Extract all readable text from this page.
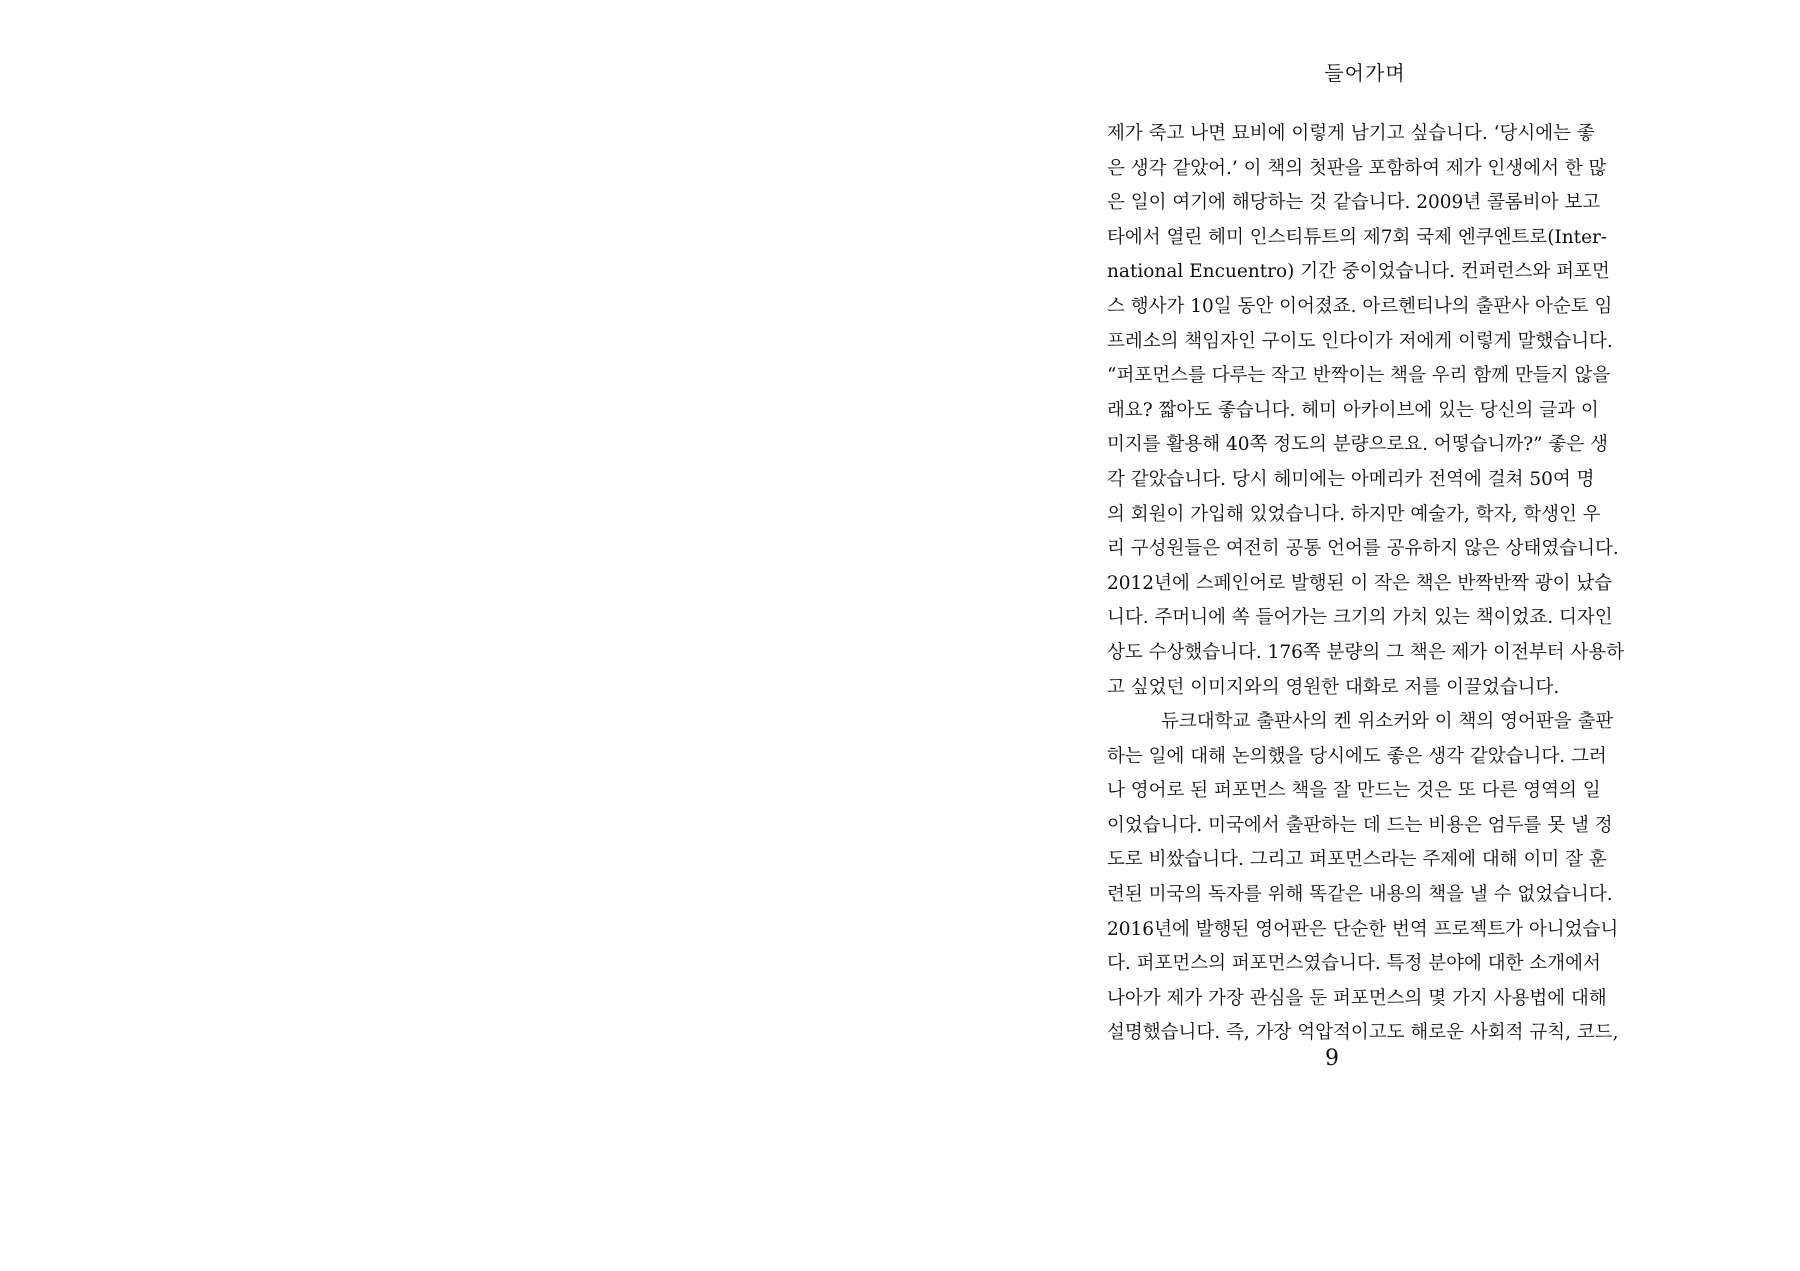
들어가며
제가 죽고 나면 묘비에 이렇게 남기고 싶습니다. ‘당시에는 좋
은 생각 같았어.’ 이 책의 첫판을 포함하여 제가 인생에서 한 많
은 일이 여기에 해당하는 것 같습니다. 2009년 콜롬비아 보고
타에서 열린 헤미 인스티튜트의 제7회 국제 엔쿠엔트로(Inter-
national Encuentro) 기간 중이었습니다. 컨퍼런스와 퍼포먼
스 행사가 10일 동안 이어졌죠. 아르헨티나의 출판사 아순토 임
프레소의 책임자인 구이도 인다이가 저에게 이렇게 말했습니다.
“퍼포먼스를 다루는 작고 반짝이는 책을 우리 함께 만들지 않을
래요? 짧아도 좋습니다. 헤미 아카이브에 있는 당신의 글과 이
미지를 활용해 40쪽 정도의 분량으로요. 어떻습니까?” 좋은 생
각 같았습니다. 당시 헤미에는 아메리카 전역에 걸쳐 50여 명
의 회원이 가입해 있었습니다. 하지만 예술가, 학자, 학생인 우
리 구성원들은 여전히 공통 언어를 공유하지 않은 상태였습니다.
2012년에 스페인어로 발행된 이 작은 책은 반짝반짝 광이 났습
니다. 주머니에 쏙 들어가는 크기의 가치 있는 책이었죠. 디자인
상도 수상했습니다. 176쪽 분량의 그 책은 제가 이전부터 사용하
고 싶었던 이미지와의 영원한 대화로 저를 이끌었습니다.
듀크대학교 출판사의 켄 위소커와 이 책의 영어판을 출판
하는 일에 대해 논의했을 당시에도 좋은 생각 같았습니다. 그러
나 영어로 된 퍼포먼스 책을 잘 만드는 것은 또 다른 영역의 일
이었습니다. 미국에서 출판하는 데 드는 비용은 엄두를 못 낼 정
도로 비쌌습니다. 그리고 퍼포먼스라는 주제에 대해 이미 잘 훈
련된 미국의 독자를 위해 똑같은 내용의 책을 낼 수 없었습니다.
2016년에 발행된 영어판은 단순한 번역 프로젝트가 아니었습니
다. 퍼포먼스의 퍼포먼스였습니다. 특정 분야에 대한 소개에서
나아가 제가 가장 관심을 둔 퍼포먼스의 몇 가지 사용법에 대해
설명했습니다. 즉, 가장 억압적이고도 해로운 사회적 규칙, 코드,
9
